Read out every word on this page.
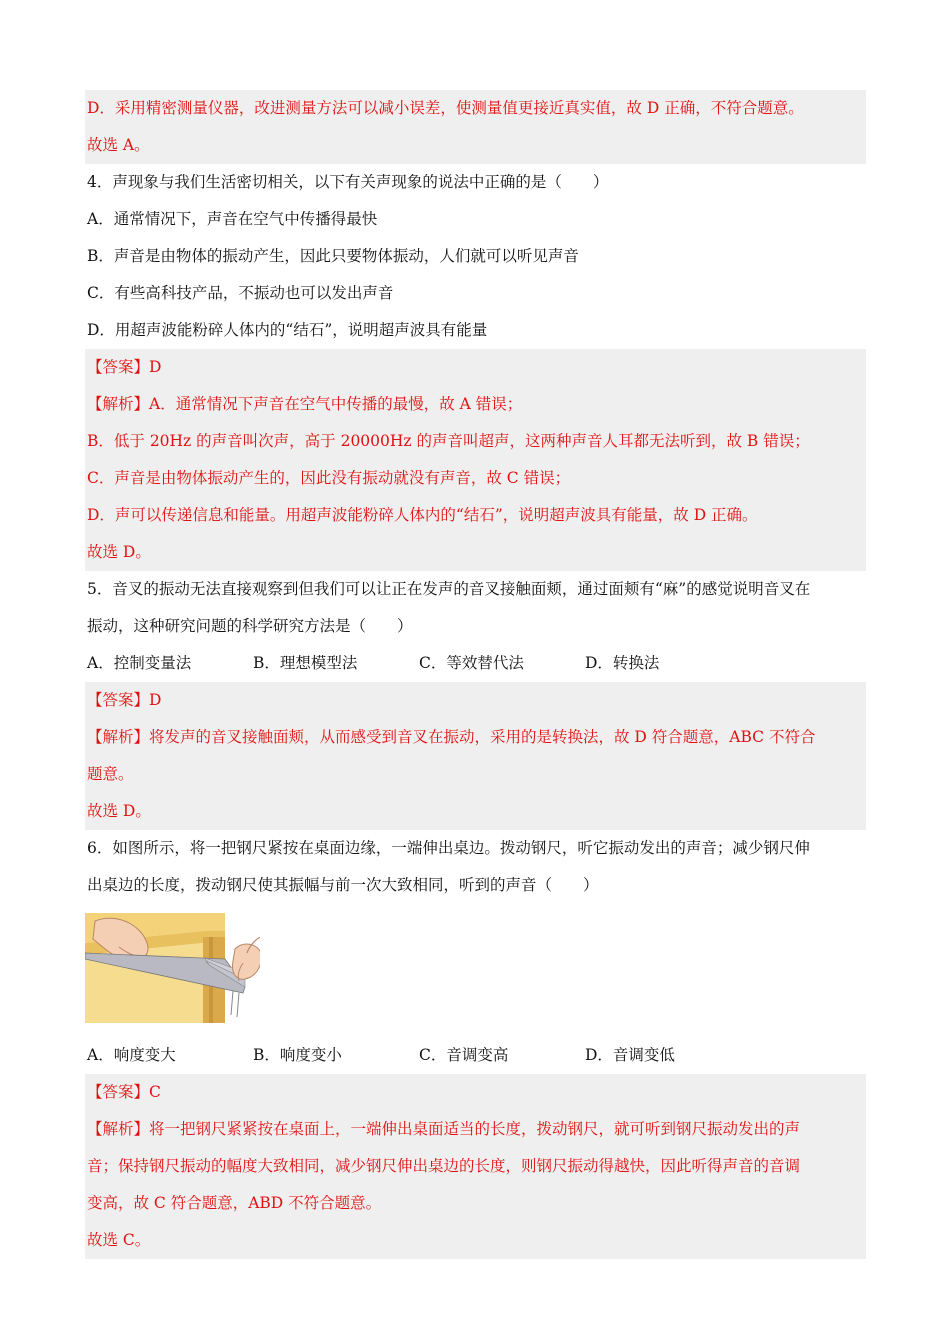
D．采用精密测量仪器，改进测量方法可以减小误差，使测量值更接近真实值，故 D 正确，不符合题意。
故选 A。
4．声现象与我们生活密切相关，以下有关声现象的说法中正确的是（　　）
A．通常情况下，声音在空气中传播得最快
B．声音是由物体的振动产生，因此只要物体振动，人们就可以听见声音
C．有些高科技产品，不振动也可以发出声音
D．用超声波能粉碎人体内的“结石”，说明超声波具有能量
【答案】D
【解析】A．通常情况下声音在空气中传播的最慢，故 A 错误；
B．低于 20Hz 的声音叫次声，高于 20000Hz 的声音叫超声，这两种声音人耳都无法听到，故 B 错误；
C．声音是由物体振动产生的，因此没有振动就没有声音，故 C 错误；
D．声可以传递信息和能量。用超声波能粉碎人体内的“结石”，说明超声波具有能量，故 D 正确。
故选 D。
5．音叉的振动无法直接观察到但我们可以让正在发声的音叉接触面颊，通过面颊有“麻”的感觉说明音叉在
振动，这种研究问题的科学研究方法是（　　）
A．控制变量法	B．理想模型法	C．等效替代法	D．转换法
【答案】D
【解析】将发声的音叉接触面颊，从而感受到音叉在振动，采用的是转换法，故 D 符合题意，ABC 不符合
题意。
故选 D。
6．如图所示，将一把钢尺紧按在桌面边缘，一端伸出桌边。拨动钢尺，听它振动发出的声音；减少钢尺伸
出桌边的长度，拨动钢尺使其振幅与前一次大致相同，听到的声音（　　）
A．响度变大	B．响度变小	C．音调变高	D．音调变低
【答案】C
【解析】将一把钢尺紧紧按在桌面上，一端伸出桌面适当的长度，拨动钢尺，就可听到钢尺振动发出的声
音；保持钢尺振动的幅度大致相同，减少钢尺伸出桌边的长度，则钢尺振动得越快，因此听得声音的音调
变高，故 C 符合题意，ABD 不符合题意。
故选 C。
